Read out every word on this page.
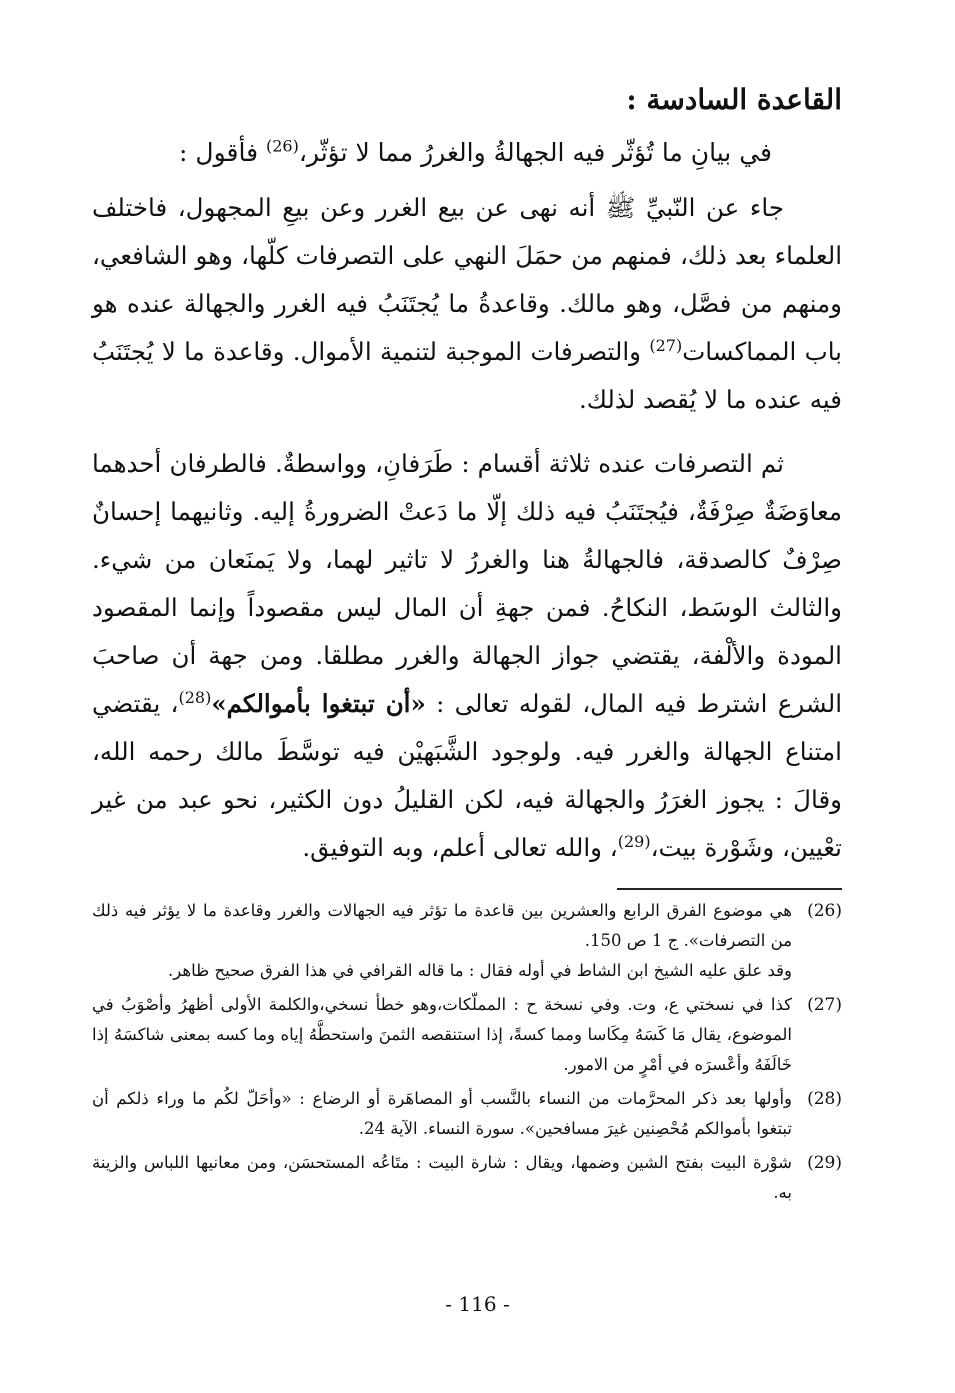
القاعدة السادسة :
في بيانِ ما تُؤثّر فيه الجهالةُ والغررُ مما لا تؤثّر،$^{(26)}$ فأقول :
جاء عن النّبيِّ ﷺ أنه نهى عن بيع الغرر وعن بيعِ المجهول، فاختلف العلماء بعد ذلك، فمنهم من حمَلَ النهي على التصرفات كلّها، وهو الشافعي، ومنهم من فصَّل، وهو مالك. وقاعدةُ ما يُجتَنَبُ فيه الغرر والجهالة عنده هو باب المماكسات$^{(27)}$ والتصرفات الموجبة لتنمية الأموال. وقاعدة ما لا يُجتَنَبُ فيه عنده ما لا يُقصد لذلك.
ثم التصرفات عنده ثلاثة أقسام : طَرَفانِ، وواسطةٌ. فالطرفان أحدهما معاوَضَةٌ صِرْفَةٌ، فيُجتَنَبُ فيه ذلك إلّا ما دَعتْ الضرورةُ إليه. وثانيهما إحسانٌ صِرْفٌ كالصدقة، فالجهالةُ هنا والغررُ لا تاثير لهما، ولا يَمنَعان من شيء. والثالث الوسَط، النكاحُ. فمن جهةِ أن المال ليس مقصوداً وإنما المقصود المودة والألْفة، يقتضي جواز الجهالة والغرر مطلقا. ومن جهة أن صاحبَ الشرع اشترط فيه المال، لقوله تعالى : «أن تبتغوا بأموالكم»$^{(28)}$، يقتضي امتناع الجهالة والغرر فيه. ولوجود الشَّبَهيْن فيه توسَّطَ مالك رحمه الله، وقالَ : يجوز الغرَرُ والجهالة فيه، لكن القليلُ دون الكثير، نحو عبد من غير تعْيين، وشَوْرة بيت،$^{(29)}$، والله تعالى أعلم، وبه التوفيق.
(26)

هي موضوع الفرق الرابع والعشرين بين قاعدة ما تؤثر فيه الجهالات والغرر وقاعدة ما لا يؤثر فيه ذلك من التصرفات». ج 1 ص 150.

وقد علق عليه الشيخ ابن الشاط في أوله فقال : ما قاله القرافي في هذا الفرق صحيح ظاهر.

(27)

كذا في نسختي ع، وت. وفي نسخة ح : المملّكات،وهو خطأ نسخي،والكلمة الأولى أظهرُ وأصْوَبُ في الموضوع، يقال مَا كَسَهُ مِكَاسا ومما كسةً، إذا استنقصه الثمنَ واستحطَّهُ إياه وما كسه بمعنى شاكسَهُ إذا خَالَفَهُ وأعْسرَه في أمْرٍ من الامور.

(28)

وأولها بعد ذكر المحرَّمات من النساء بالنَّسب أو المصاهَرة أو الرضاع : «وأحَلّ لكُم ما وراء ذلكم أن تبتغوا بأموالكم مُحْصِنين غيرَ مسافحين». سورة النساء. الآية 24.

(29)

شوْرة البيت بفتح الشين وضمها، ويقال : شارة البيت : متَاعُه المستحسَن، ومن معانيها اللباس والزينة به.

- 116 -
